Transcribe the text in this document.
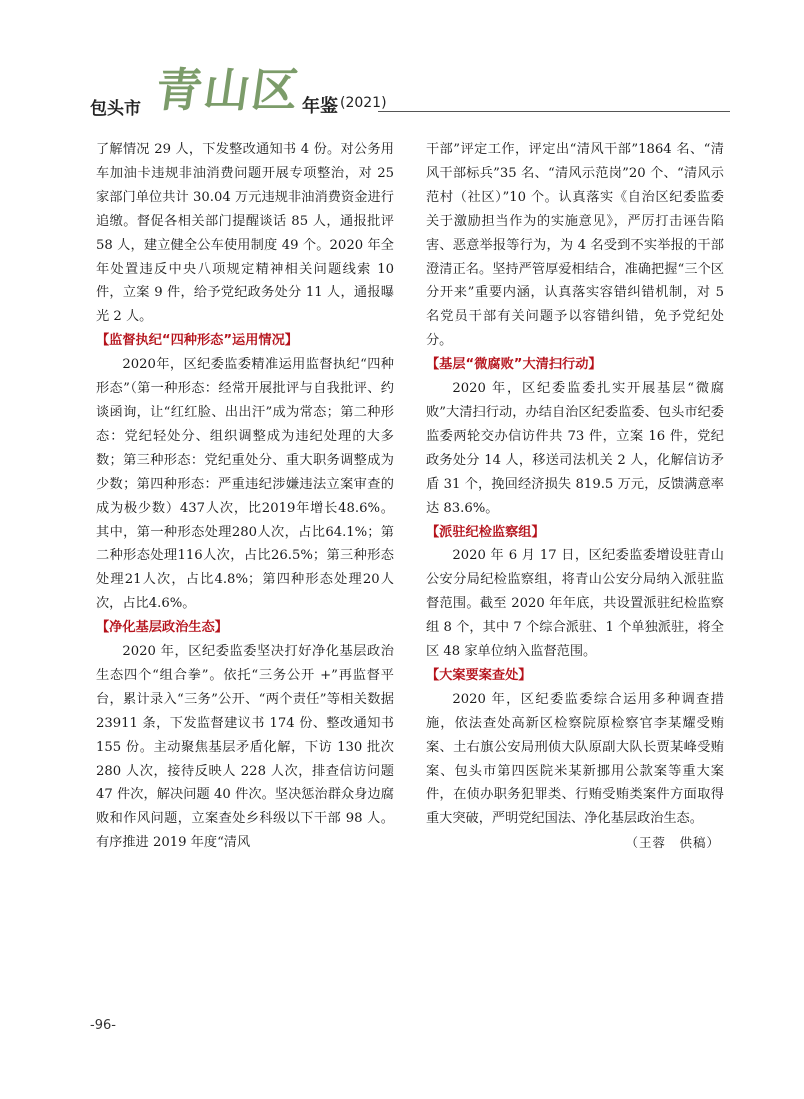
包头市 青山区
年鉴 (2021)

了解情况 29 人，下发整改通知书 4 份。对公务用车加油卡违规非油消费问题开展专项整治，对 25 家部门单位共计 30.04 万元违规非油消费资金进行追缴。督促各相关部门提醒谈话 85 人，通报批评 58 人，建立健全公车使用制度 49 个。2020 年全年处置违反中央八项规定精神相关问题线索 10 件，立案 9 件，给予党纪政务处分 11 人，通报曝光 2 人。

【监督执纪“四种形态”运用情况】

2020年，区纪委监委精准运用监督执纪“四种形态”（第一种形态：经常开展批评与自我批评、约谈函询，让“红红脸、出出汗”成为常态；第二种形态：党纪轻处分、组织调整成为违纪处理的大多数；第三种形态：党纪重处分、重大职务调整成为少数；第四种形态：严重违纪涉嫌违法立案审查的成为极少数）437人次，比2019年增长48.6%。其中，第一种形态处理280人次，占比64.1%；第二种形态处理116人次，占比26.5%；第三种形态处理21人次，占比4.8%；第四种形态处理20人次，占比4.6%。

【净化基层政治生态】

2020 年，区纪委监委坚决打好净化基层政治生态四个“组合拳”。依托“三务公开 +”再监督平台，累计录入“三务”公开、“两个责任”等相关数据 23911 条，下发监督建议书 174 份、整改通知书 155 份。主动聚焦基层矛盾化解，下访 130 批次 280 人次，接待反映人 228 人次，排查信访问题 47 件次，解决问题 40 件次。坚决惩治群众身边腐败和作风问题，立案查处乡科级以下干部 98 人。有序推进 2019 年度“清风

干部”评定工作，评定出“清风干部”1864 名、“清风干部标兵”35 名、“清风示范岗”20 个、“清风示范村（社区）”10 个。认真落实《自治区纪委监委关于激励担当作为的实施意见》，严厉打击诬告陷害、恶意举报等行为，为 4 名受到不实举报的干部澄清正名。坚持严管厚爱相结合，准确把握“三个区分开来”重要内涵，认真落实容错纠错机制，对 5 名党员干部有关问题予以容错纠错，免予党纪处分。

【基层“微腐败”大清扫行动】

2020 年，区纪委监委扎实开展基层“微腐败”大清扫行动，办结自治区纪委监委、包头市纪委监委两轮交办信访件共 73 件，立案 16 件，党纪政务处分 14 人，移送司法机关 2 人，化解信访矛盾 31 个，挽回经济损失 819.5 万元，反馈满意率达 83.6%。

【派驻纪检监察组】

2020 年 6 月 17 日，区纪委监委增设驻青山公安分局纪检监察组，将青山公安分局纳入派驻监督范围。截至 2020 年年底，共设置派驻纪检监察组 8 个，其中 7 个综合派驻、1 个单独派驻，将全区 48 家单位纳入监督范围。

【大案要案查处】

2020 年，区纪委监委综合运用多种调查措施，依法查处高新区检察院原检察官李某耀受贿案、土右旗公安局刑侦大队原副大队长贾某峰受贿案、包头市第四医院米某新挪用公款案等重大案件，在侦办职务犯罪类、行贿受贿类案件方面取得重大突破，严明党纪国法、净化基层政治生态。

（王蓉　供稿）

-96-
